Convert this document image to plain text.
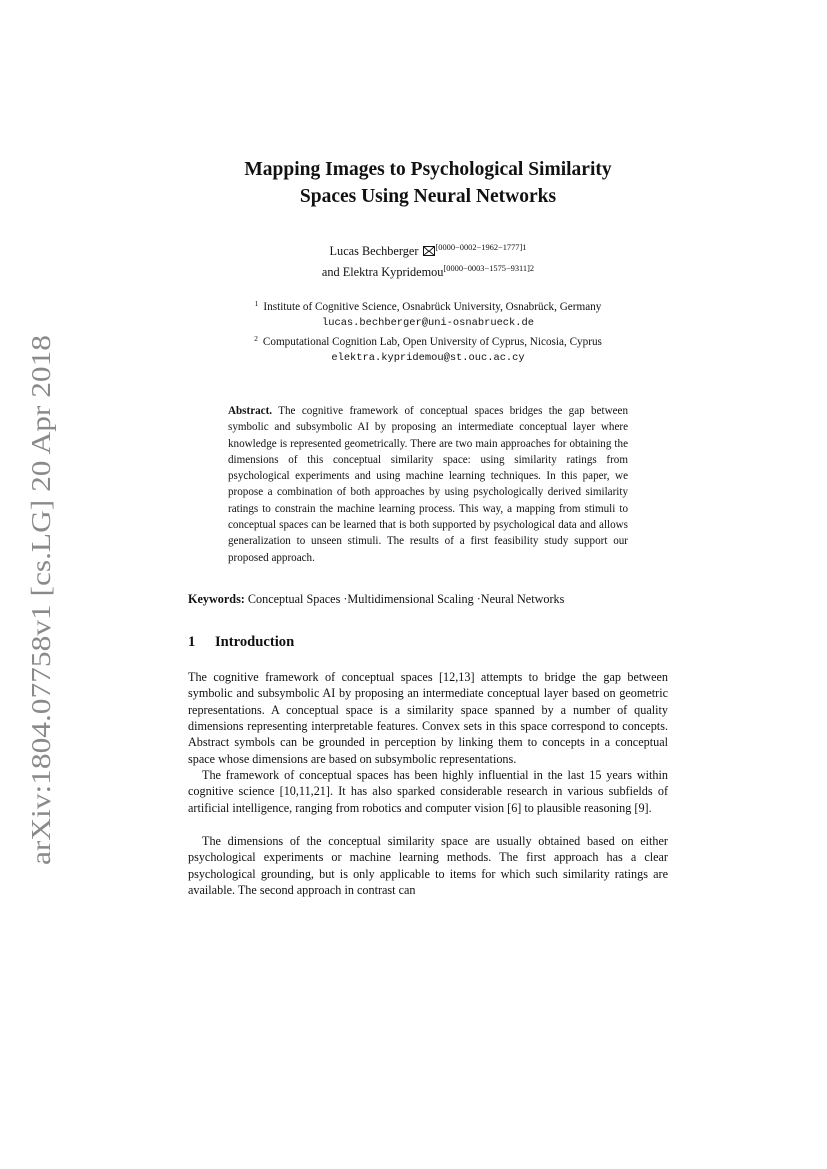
arXiv:1804.07758v1 [cs.LG] 20 Apr 2018
Mapping Images to Psychological Similarity
Spaces Using Neural Networks
Lucas Bechberger $^{[0000-0002-1962-1777]1}$
and Elektra Kypridemou$^{[0000-0003-1575-9311]2}$
$^1$ Institute of Cognitive Science, Osnabrück University, Osnabrück, Germany
lucas.bechberger@uni-osnabrueck.de
$^2$ Computational Cognition Lab, Open University of Cyprus, Nicosia, Cyprus
elektra.kypridemou@st.ouc.ac.cy
Abstract. The cognitive framework of conceptual spaces bridges the gap between symbolic and subsymbolic AI by proposing an intermediate conceptual layer where knowledge is represented geometrically. There are two main approaches for obtaining the dimensions of this conceptual similarity space: using similarity ratings from psychological experiments and using machine learning techniques. In this paper, we propose a combination of both approaches by using psychologically derived similarity ratings to constrain the machine learning process. This way, a mapping from stimuli to conceptual spaces can be learned that is both supported by psychological data and allows generalization to unseen stimuli. The results of a first feasibility study support our proposed approach.
Keywords: Conceptual Spaces ·Multidimensional Scaling ·Neural Networks
1 Introduction

The cognitive framework of conceptual spaces [12,13] attempts to bridge the gap between symbolic and subsymbolic AI by proposing an intermediate conceptual layer based on geometric representations. A conceptual space is a similarity space spanned by a number of quality dimensions representing interpretable features. Convex sets in this space correspond to concepts. Abstract symbols can be grounded in perception by linking them to concepts in a conceptual space whose dimensions are based on subsymbolic representations.

The framework of conceptual spaces has been highly influential in the last 15 years within cognitive science [10,11,21]. It has also sparked considerable research in various subfields of artificial intelligence, ranging from robotics and computer vision [6] to plausible reasoning [9].

The dimensions of the conceptual similarity space are usually obtained based on either psychological experiments or machine learning methods. The first approach has a clear psychological grounding, but is only applicable to items for which such similarity ratings are available. The second approach in contrast can
